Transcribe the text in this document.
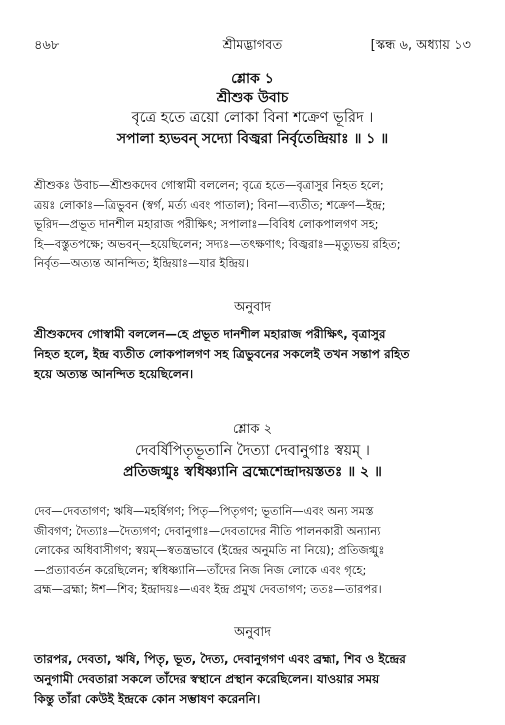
৪৬৮	শ্রীমদ্ভাগবত	[স্কন্ধ ৬, অধ্যায় ১৩
শ্লোক ১
শ্রীশুক উবাচ
বৃত্রে হতে ত্রয়ো লোকা বিনা শক্রেণ ভূরিদ ।
সপালা হ্যভবন্ সদ্যো বিজ্বরা নির্বৃতেন্দ্রিয়াঃ ॥ ১ ॥
শ্রীশুকঃ উবাচ—শ্রীশুকদেব গোস্বামী বললেন; বৃত্রে হতে—বৃত্রাসুর নিহত হলে;
ত্রয়ঃ লোকাঃ—ত্রিভুবন (স্বর্গ, মর্ত্য এবং পাতাল); বিনা—ব্যতীত; শক্রেণ—ইন্দ্র;
ভূরিদ—প্রভূত দানশীল মহারাজ পরীক্ষিৎ; সপালাঃ—বিবিধ লোকপালগণ সহ;
হি—বস্তুতপক্ষে; অভবন্—হয়েছিলেন; সদ্যঃ—তৎক্ষণাৎ; বিজ্বরাঃ—মৃত্যুভয় রহিত;
নির্বৃত—অত্যন্ত আনন্দিত; ইন্দ্রিয়াঃ—যার ইন্দ্রিয়।
অনুবাদ
শ্রীশুকদেব গোস্বামী বললেন—হে প্রভূত দানশীল মহারাজ পরীক্ষিৎ, বৃত্রাসুর
নিহত হলে, ইন্দ্র ব্যতীত লোকপালগণ সহ ত্রিভুবনের সকলেই তখন সন্তাপ রহিত
হয়ে অত্যন্ত আনন্দিত হয়েছিলেন।
শ্লোক ২
দেবর্ষিপিতৃভূতানি দৈত্যা দেবানুগাঃ স্বয়ম্ ।
প্রতিজগ্মুঃ স্বধিষ্ণ্যানি ব্রহ্মেশেন্দ্রাদয়স্ততঃ ॥ ২ ॥
দেব—দেবতাগণ; ঋষি—মহর্ষিগণ; পিতৃ—পিতৃগণ; ভূতানি—এবং অন্য সমস্ত
জীবগণ; দৈত্যাঃ—দৈত্যগণ; দেবানুগাঃ—দেবতাদের নীতি পালনকারী অন্যান্য
লোকের অধিবাসীগণ; স্বয়ম্—স্বতন্ত্রভাবে (ইন্দ্রের অনুমতি না নিয়ে); প্রতিজগ্মুঃ
—প্রত্যাবর্তন করেছিলেন; স্বধিষ্ণ্যানি—তাঁদের নিজ নিজ লোকে এবং গৃহে;
ব্রহ্ম—ব্রহ্মা; ঈশ—শিব; ইন্দ্রাদয়ঃ—এবং ইন্দ্র প্রমুখ দেবতাগণ; ততঃ—তারপর।
অনুবাদ
তারপর, দেবতা, ঋষি, পিতৃ, ভূত, দৈত্য, দেবানুগগণ এবং ব্রহ্মা, শিব ও ইন্দ্রের
অনুগামী দেবতারা সকলে তাঁদের স্বস্থানে প্রস্থান করেছিলেন। যাওয়ার সময়
কিন্তু তাঁরা কেউই ইন্দ্রকে কোন সম্ভাষণ করেননি।
